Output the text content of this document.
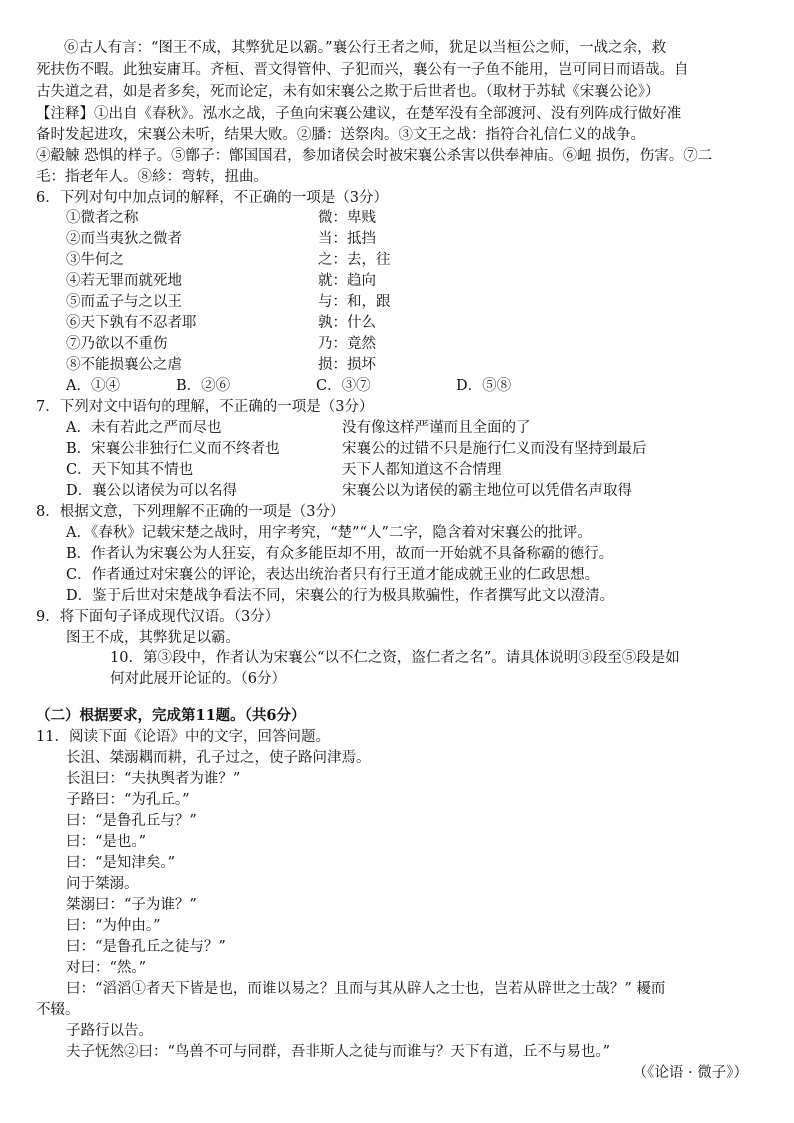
⑥古人有言：“图王不成，其弊犹足以霸。”襄公行王者之师，犹足以当桓公之师，一战之余，救
死扶伤不暇。此独妄庸耳。齐桓、晋文得管仲、子犯而兴，襄公有一子鱼不能用，岂可同日而语哉。自
古失道之君，如是者多矣，死而论定，未有如宋襄公之欺于后世者也。（取材于苏轼《宋襄公论》）
【注释】①出自《春秋》。泓水之战，子鱼向宋襄公建议，在楚军没有全部渡河、没有列阵成行做好准
备时发起进攻，宋襄公未听，结果大败。②膰：送祭肉。③文王之战：指符合礼信仁义的战争。
④觳觫 恐惧的样子。⑤鄫子：鄫国国君，参加诸侯会时被宋襄公杀害以供奉神庙。⑥衄 损伤，伤害。⑦二
毛：指老年人。⑧紾：弯转，扭曲。
6．下列对句中加点词的解释，不正确的一项是（3分）
①微者之称	微：卑贱
②而当夷狄之微者	当：抵挡
③牛何之	之：去，往
④若无罪而就死地	就：趋向
⑤而孟子与之以王	与：和，跟
⑥天下孰有不忍者耶	孰：什么
⑦乃欲以不重伤	乃：竟然
⑧不能损襄公之虐	损：损坏
A．①④	B．②⑥	C．③⑦	D．⑤⑧
7．下列对文中语句的理解，不正确的一项是（3分）
A．未有若此之严而尽也	没有像这样严谨而且全面的了
B．宋襄公非独行仁义而不终者也	宋襄公的过错不只是施行仁义而没有坚持到最后
C．天下知其不情也	天下人都知道这不合情理
D．襄公以诸侯为可以名得	宋襄公以为诸侯的霸主地位可以凭借名声取得
8．根据文意，下列理解不正确的一项是（3分）
A．《春秋》记载宋楚之战时，用字考究，“楚”“人”二字，隐含着对宋襄公的批评。
B．作者认为宋襄公为人狂妄，有众多能臣却不用，故而一开始就不具备称霸的德行。
C．作者通过对宋襄公的评论，表达出统治者只有行王道才能成就王业的仁政思想。
D．鉴于后世对宋楚战争看法不同，宋襄公的行为极具欺骗性，作者撰写此文以澄清。
9．将下面句子译成现代汉语。（3分）
图王不成，其弊犹足以霸。
10．第③段中，作者认为宋襄公“以不仁之资，盗仁者之名”。请具体说明③段至⑤段是如
何对此展开论证的。（6分）
（二）根据要求，完成第11题。（共6分）
11．阅读下面《论语》中的文字，回答问题。
长沮、桀溺耦而耕，孔子过之，使子路问津焉。
长沮曰：“夫执舆者为谁？”
子路曰：“为孔丘。”
曰：“是鲁孔丘与？”
曰：“是也。”
曰：“是知津矣。”
问于桀溺。
桀溺曰：“子为谁？”
曰：“为仲由。”
曰：“是鲁孔丘之徒与？”
对曰：“然。”
曰：“滔滔①者天下皆是也，而谁以易之？且而与其从辟人之士也，岂若从辟世之士哉？” 耰而
不辍。
子路行以告。
夫子怃然②曰：“鸟兽不可与同群，吾非斯人之徒与而谁与？天下有道，丘不与易也。”
（《论语 · 微子》）
